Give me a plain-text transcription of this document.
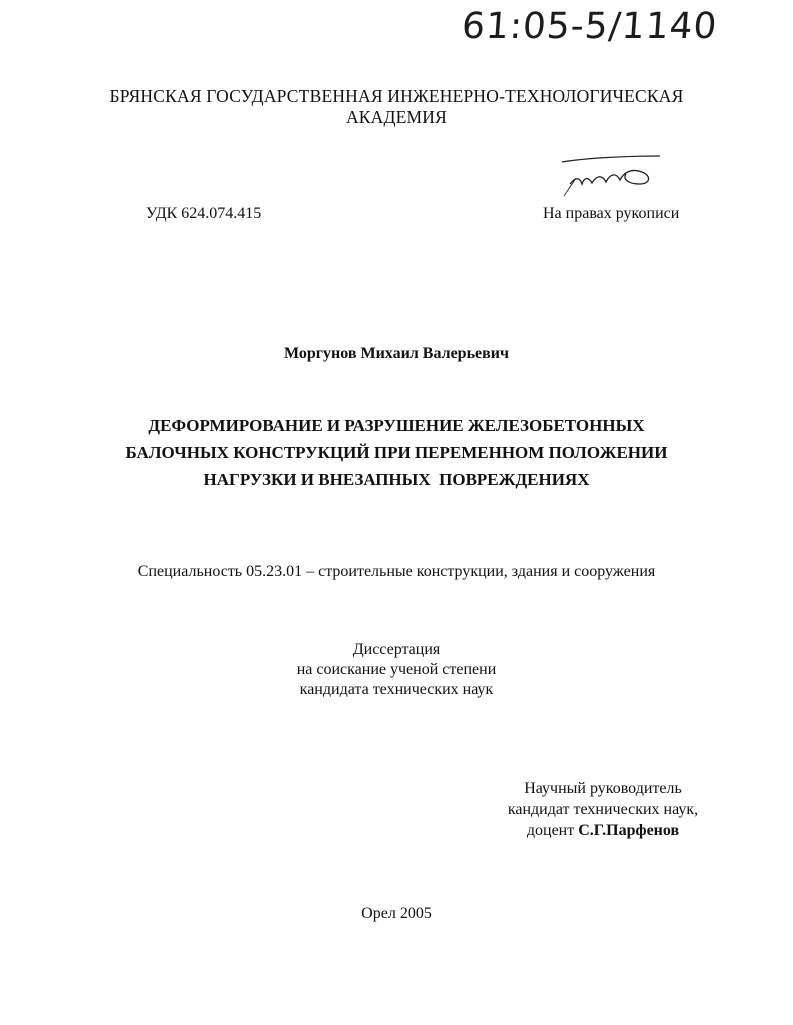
61:05-5/1140
БРЯНСКАЯ ГОСУДАРСТВЕННАЯ ИНЖЕНЕРНО-ТЕХНОЛОГИЧЕСКАЯ
АКАДЕМИЯ
УДК 624.074.415	На правах рукописи
Моргунов Михаил Валерьевич
ДЕФОРМИРОВАНИЕ И РАЗРУШЕНИЕ ЖЕЛЕЗОБЕТОННЫХ
БАЛОЧНЫХ КОНСТРУКЦИЙ ПРИ ПЕРЕМЕННОМ ПОЛОЖЕНИИ
НАГРУЗКИ И ВНЕЗАПНЫХ  ПОВРЕЖДЕНИЯХ
Специальность 05.23.01 – строительные конструкции, здания и сооружения
Диссертация
на соискание ученой степени
кандидата технических наук
Научный руководитель
кандидат технических наук,
доцент С.Г.Парфенов
Орел 2005
